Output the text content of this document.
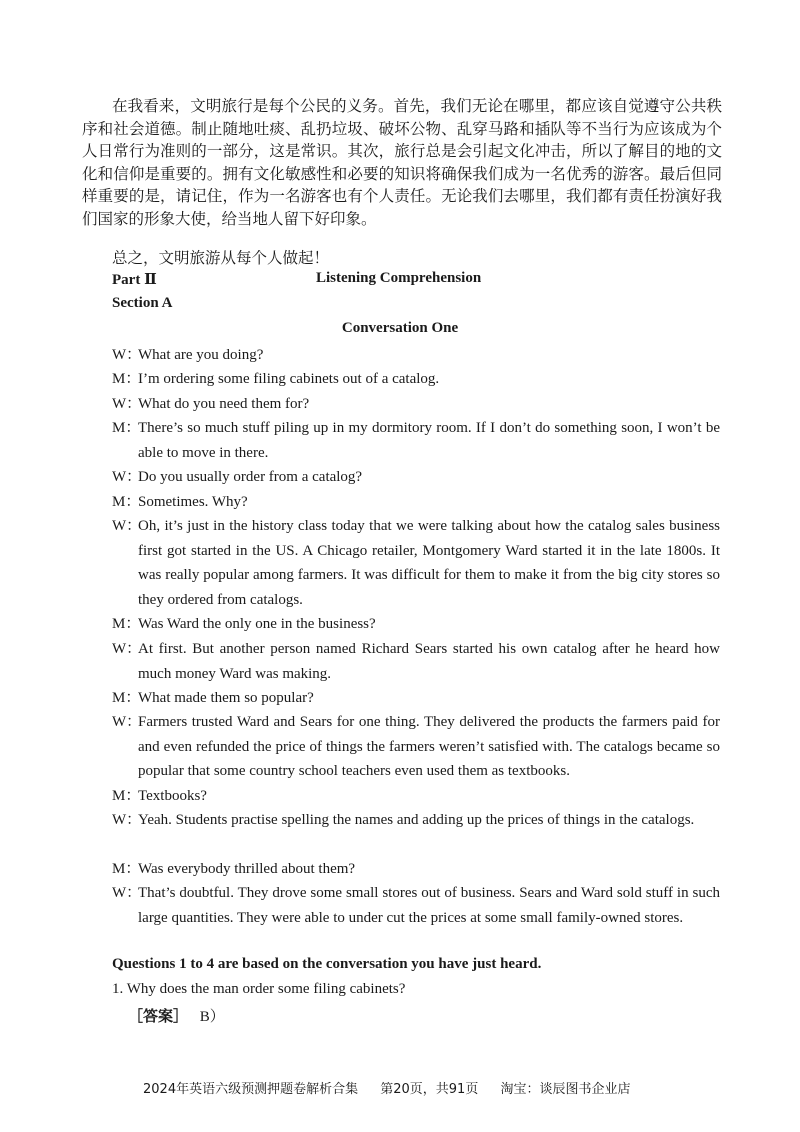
在我看来，文明旅行是每个公民的义务。首先，我们无论在哪里，都应该自觉遵守公共秩序和社会道德。制止随地吐痰、乱扔垃圾、破坏公物、乱穿马路和插队等不当行为应该成为个人日常行为准则的一部分，这是常识。其次，旅行总是会引起文化冲击，所以了解目的地的文化和信仰是重要的。拥有文化敏感性和必要的知识将确保我们成为一名优秀的游客。最后但同样重要的是，请记住，作为一名游客也有个人责任。无论我们去哪里，我们都有责任扮演好我们国家的形象大使，给当地人留下好印象。

总之，文明旅游从每个人做起！

Part Ⅱ	Listening Comprehension
Section A
Conversation One
W：
What are you doing?
M：
I’m ordering some filing cabinets out of a catalog.
W：
What do you need them for?
M：
There’s so much stuff piling up in my dormitory room. If I don’t do something soon, I won’t be able to move in there.
W：
Do you usually order from a catalog?
M：
Sometimes. Why?
W：
Oh, it’s just in the history class today that we were talking about how the catalog sales business first got started in the US. A Chicago retailer, Montgomery Ward started it in the late 1800s. It was really popular among farmers. It was difficult for them to make it from the big city stores so they ordered from catalogs.
M：
Was Ward the only one in the business?
W：
At first. But another person named Richard Sears started his own catalog after he heard how much money Ward was making.
M：
What made them so popular?
W：
Farmers trusted Ward and Sears for one thing. They delivered the products the farmers paid for and even refunded the price of things the farmers weren’t satisfied with. The catalogs became so popular that some country school teachers even used them as textbooks.
M：
Textbooks?
W：
Yeah. Students practise spelling the names and adding up the prices of things in the catalogs.
M：
Was everybody thrilled about them?
W：
That’s doubtful. They drove some small stores out of business. Sears and Ward sold stuff in such large quantities. They were able to under cut the prices at some small family-owned stores.
Questions 1 to 4 are based on the conversation you have just heard.
1. Why does the man order some filing cabinets?
［答案］ B）
2024年英语六级预测押题卷解析合集 第20页，共91页 淘宝：谈辰图书企业店
